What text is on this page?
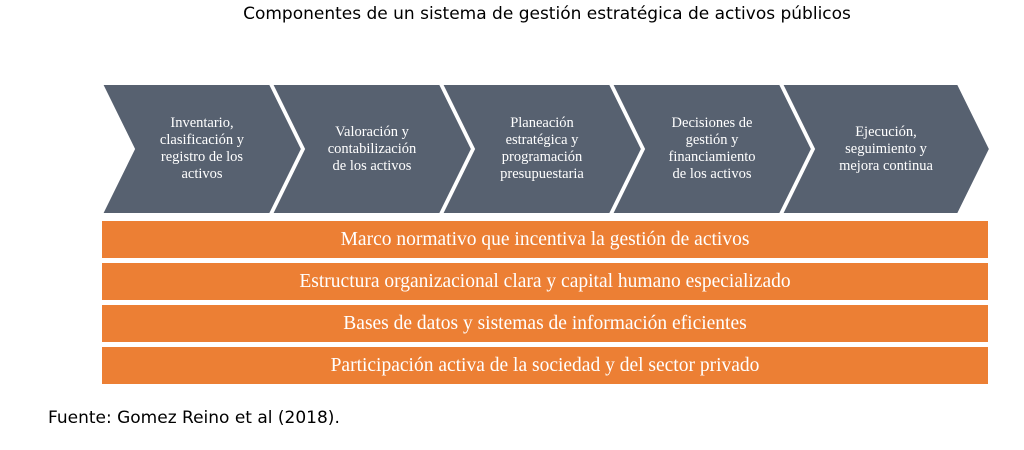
Componentes de un sistema de gestión estratégica de activos públicos
Inventario,
clasificación y
registro de los
activos
Valoración y
contabilización
de los activos
Planeación
estratégica y
programación
presupuestaria
Decisiones de
gestión y
financiamiento
de los activos
Ejecución,
seguimiento y
mejora continua
Marco normativo que incentiva la gestión de activos
Estructura organizacional clara y capital humano especializado
Bases de datos y sistemas de información eficientes
Participación activa de la sociedad y del sector privado
Fuente: Gomez Reino et al (2018).
